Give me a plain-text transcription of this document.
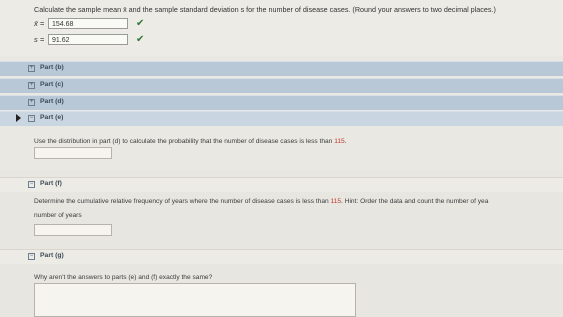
Calculate the sample mean x̄ and the sample standard deviation s for the number of disease cases. (Round your answers to two decimal places.)
x̄ =	154.68	✔
s =	91.62	✔
+ Part (b)
+ Part (c)
+ Part (d)
− Part (e)
Use the distribution in part (d) to calculate the probability that the number of disease cases is less than 115.
− Part (f)
Determine the cumulative relative frequency of years where the number of disease cases is less than 115. Hint: Order the data and count the number of yea
number of years
− Part (g)
Why aren't the answers to parts (e) and (f) exactly the same?
